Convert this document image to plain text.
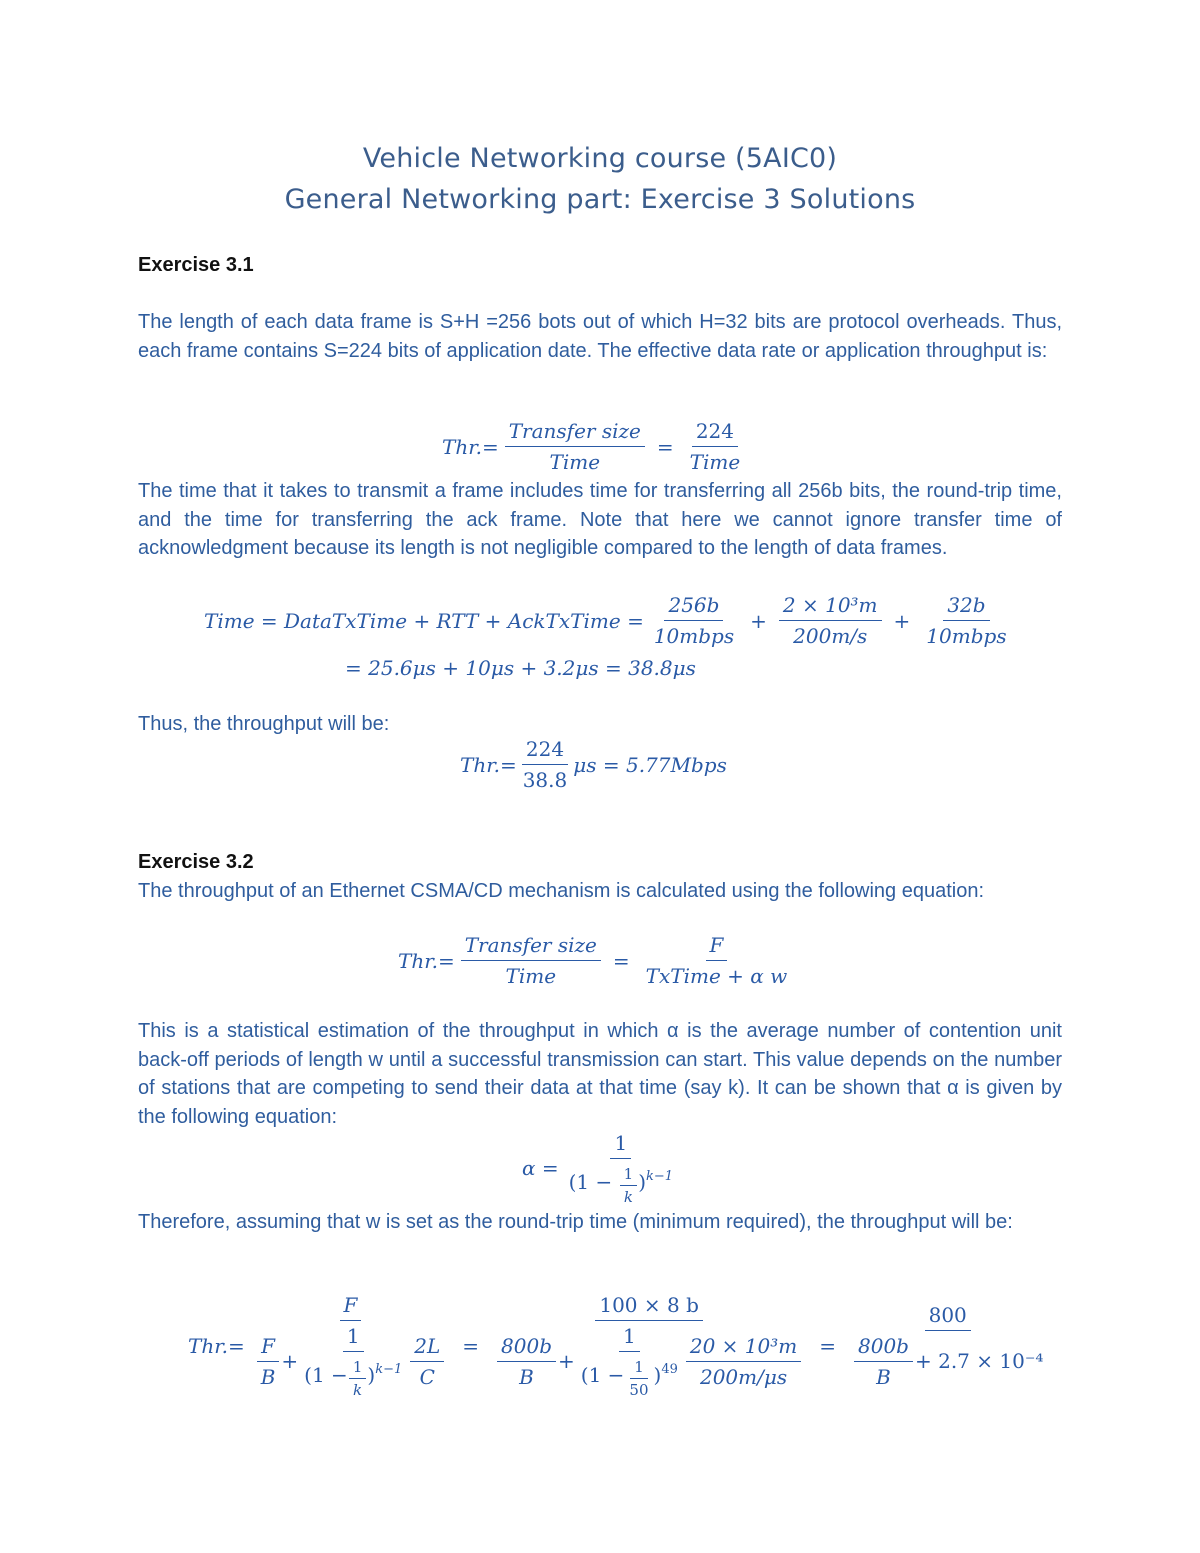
Vehicle Networking course (5AIC0)
General Networking part: Exercise 3 Solutions
Exercise 3.1
The length of each data frame is S+H =256 bots out of which H=32 bits are protocol overheads. Thus, each frame contains S=224 bits of application date. The effective data rate or application throughput is:
$Thr.= \frac{\text{Transfer size}}{\text{Time}} = \frac{224}{\text{Time}}$
The time that it takes to transmit a frame includes time for transferring all 256b bits, the round-trip time, and the time for transferring the ack frame. Note that here we cannot ignore transfer time of acknowledgment because its length is not negligible compared to the length of data frames.
Time = DataTxTime + RTT + AckTxTime = $\frac{256b}{\text{10mbps}} + \frac{\text{2 × 10³m}}{200m/s} + \frac{32b}{\text{10mbps}}$
= 25.6μs + 10μs + 3.2μs = 38.8μs
Thus, the throughput will be:
$Thr.= \frac{224}{38.8}$ μs = 5.77Mbps
Exercise 3.2
The throughput of an Ethernet CSMA/CD mechanism is calculated using the following equation:
$Thr.= \frac{\text{Transfer size}}{\text{Time}} = \frac{F}{\text{TxTime + α w}}$
This is a statistical estimation of the throughput in which α is the average number of contention unit back-off periods of length w until a successful transmission can start. This value depends on the number of stations that are competing to send their data at that time (say k). It can be shown that α is given by the following equation:
α =
1
$(1 - \frac{1}{k} )^{k-1}$
Therefore, assuming that w is set as the round-trip time (minimum required), the throughput will be:
Thr.=
F
$\frac{F}{B} + \frac{1}{(1 - \frac{1}{k} )^{k-1}} \frac{2L}{C}$ =
100 × 8 b
$\frac{800b}{B} + \frac{1}{(1 - \frac{1}{50} )^{49}} \frac{\text{20 × 10³m}}{200m/\mu s} = \frac{800}{\frac{800b}{B} + 2.7 \times 10^{-4}}$
